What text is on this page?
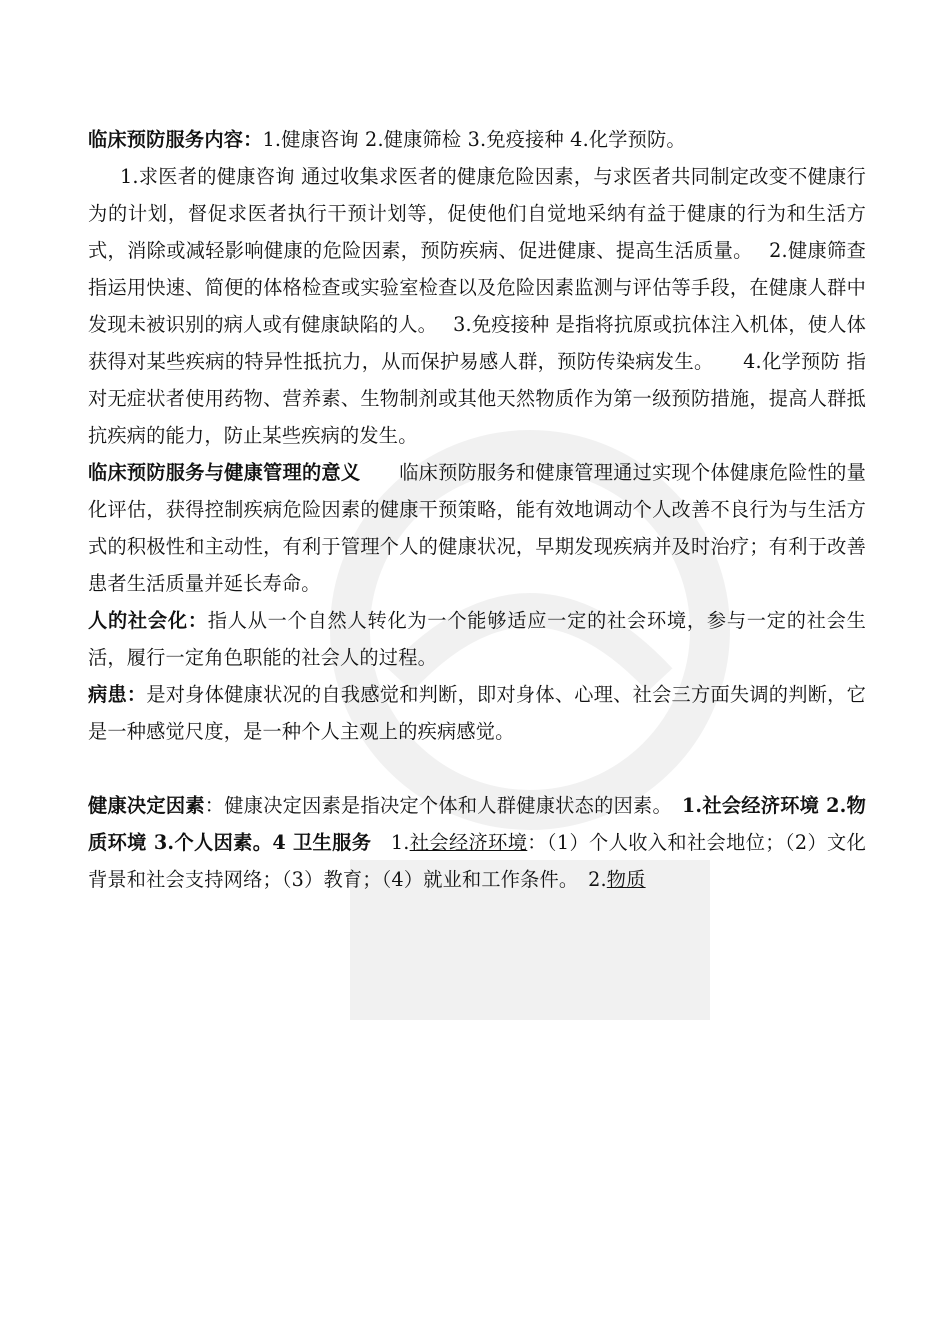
临床预防服务内容：1.健康咨询 2.健康筛检 3.免疫接种 4.化学预防。

1.求医者的健康咨询 通过收集求医者的健康危险因素，与求医者共同制定改变不健康行为的计划，督促求医者执行干预计划等，促使他们自觉地采纳有益于健康的行为和生活方式，消除或减轻影响健康的危险因素，预防疾病、促进健康、提高生活质量。　 2.健康筛查 指运用快速、简便的体格检查或实验室检查以及危险因素监测与评估等手段，在健康人群中发现未被识别的病人或有健康缺陷的人。　 3.免疫接种 是指将抗原或抗体注入机体，使人体获得对某些疾病的特异性抵抗力，从而保护易感人群，预防传染病发生。　　4.化学预防 指对无症状者使用药物、营养素、生物制剂或其他天然物质作为第一级预防措施，提高人群抵抗疾病的能力，防止某些疾病的发生。

临床预防服务与健康管理的意义　　临床预防服务和健康管理通过实现个体健康危险性的量化评估，获得控制疾病危险因素的健康干预策略，能有效地调动个人改善不良行为与生活方式的积极性和主动性，有利于管理个人的健康状况，早期发现疾病并及时治疗；有利于改善患者生活质量并延长寿命。

人的社会化：指人从一个自然人转化为一个能够适应一定的社会环境，参与一定的社会生活，履行一定角色职能的社会人的过程。

病患：是对身体健康状况的自我感觉和判断，即对身体、心理、社会三方面失调的判断，它是一种感觉尺度，是一种个人主观上的疾病感觉。

健康决定因素：健康决定因素是指决定个体和人群健康状态的因素。　1.社会经济环境 2.物质环境 3.个人因素。4 卫生服务　1.社会经济环境：（1）个人收入和社会地位；（2）文化背景和社会支持网络；（3）教育；（4）就业和工作条件。　2.物质
